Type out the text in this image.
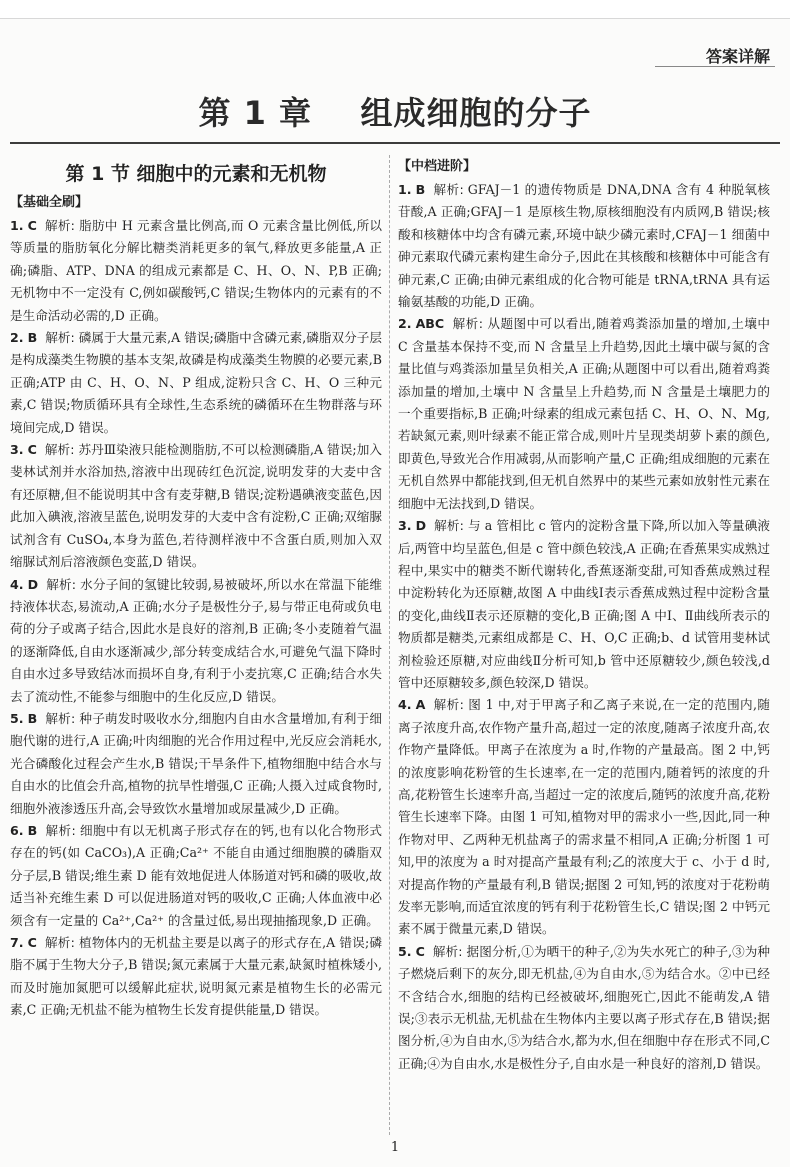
答案详解
第 1 章    组成细胞的分子
第 1 节 细胞中的元素和无机物
【基础全刷】
1. C 解析: 脂肪中 H 元素含量比例高,而 O 元素含量比例低,所以等质量的脂肪氧化分解比糖类消耗更多的氧气,释放更多能量,A 正确;磷脂、ATP、DNA 的组成元素都是 C、H、O、N、P,B 正确;无机物中不一定没有 C,例如碳酸钙,C 错误;生物体内的元素有的不是生命活动必需的,D 正确。
2. B 解析: 磷属于大量元素,A 错误;磷脂中含磷元素,磷脂双分子层是构成藻类生物膜的基本支架,故磷是构成藻类生物膜的必要元素,B 正确;ATP 由 C、H、O、N、P 组成,淀粉只含 C、H、O 三种元素,C 错误;物质循环具有全球性,生态系统的磷循环在生物群落与环境间完成,D 错误。
3. C 解析: 苏丹Ⅲ染液只能检测脂肪,不可以检测磷脂,A 错误;加入斐林试剂并水浴加热,溶液中出现砖红色沉淀,说明发芽的大麦中含有还原糖,但不能说明其中含有麦芽糖,B 错误;淀粉遇碘液变蓝色,因此加入碘液,溶液呈蓝色,说明发芽的大麦中含有淀粉,C 正确;双缩脲试剂含有 CuSO₄,本身为蓝色,若待测样液中不含蛋白质,则加入双缩脲试剂后溶液颜色变蓝,D 错误。
4. D 解析: 水分子间的氢键比较弱,易被破坏,所以水在常温下能维持液体状态,易流动,A 正确;水分子是极性分子,易与带正电荷或负电荷的分子或离子结合,因此水是良好的溶剂,B 正确;冬小麦随着气温的逐渐降低,自由水逐渐减少,部分转变成结合水,可避免气温下降时自由水过多导致结冰而损坏自身,有利于小麦抗寒,C 正确;结合水失去了流动性,不能参与细胞中的生化反应,D 错误。
5. B 解析: 种子萌发时吸收水分,细胞内自由水含量增加,有利于细胞代谢的进行,A 正确;叶肉细胞的光合作用过程中,光反应会消耗水,光合磷酸化过程会产生水,B 错误;干旱条件下,植物细胞中结合水与自由水的比值会升高,植物的抗旱性增强,C 正确;人摄入过咸食物时,细胞外液渗透压升高,会导致饮水量增加或尿量减少,D 正确。
6. B 解析: 细胞中有以无机离子形式存在的钙,也有以化合物形式存在的钙(如 CaCO₃),A 正确;Ca²⁺ 不能自由通过细胞膜的磷脂双分子层,B 错误;维生素 D 能有效地促进人体肠道对钙和磷的吸收,故适当补充维生素 D 可以促进肠道对钙的吸收,C 正确;人体血液中必须含有一定量的 Ca²⁺,Ca²⁺ 的含量过低,易出现抽搐现象,D 正确。
7. C 解析: 植物体内的无机盐主要是以离子的形式存在,A 错误;磷脂不属于生物大分子,B 错误;氮元素属于大量元素,缺氮时植株矮小,而及时施加氮肥可以缓解此症状,说明氮元素是植物生长的必需元素,C 正确;无机盐不能为植物生长发育提供能量,D 错误。
【中档进阶】
1. B 解析: GFAJ－1 的遗传物质是 DNA,DNA 含有 4 种脱氧核苷酸,A 正确;GFAJ－1 是原核生物,原核细胞没有内质网,B 错误;核酸和核糖体中均含有磷元素,环境中缺少磷元素时,CFAJ－1 细菌中砷元素取代磷元素构建生命分子,因此在其核酸和核糖体中可能含有砷元素,C 正确;由砷元素组成的化合物可能是 tRNA,tRNA 具有运输氨基酸的功能,D 正确。
2. ABC 解析: 从题图中可以看出,随着鸡粪添加量的增加,土壤中 C 含量基本保持不变,而 N 含量呈上升趋势,因此土壤中碳与氮的含量比值与鸡粪添加量呈负相关,A 正确;从题图中可以看出,随着鸡粪添加量的增加,土壤中 N 含量呈上升趋势,而 N 含量是土壤肥力的一个重要指标,B 正确;叶绿素的组成元素包括 C、H、O、N、Mg,若缺氮元素,则叶绿素不能正常合成,则叶片呈现类胡萝卜素的颜色,即黄色,导致光合作用减弱,从而影响产量,C 正确;组成细胞的元素在无机自然界中都能找到,但无机自然界中的某些元素如放射性元素在细胞中无法找到,D 错误。
3. D 解析: 与 a 管相比 c 管内的淀粉含量下降,所以加入等量碘液后,两管中均呈蓝色,但是 c 管中颜色较浅,A 正确;在香蕉果实成熟过程中,果实中的糖类不断代谢转化,香蕉逐渐变甜,可知香蕉成熟过程中淀粉转化为还原糖,故图 A 中曲线Ⅰ表示香蕉成熟过程中淀粉含量的变化,曲线Ⅱ表示还原糖的变化,B 正确;图 A 中Ⅰ、Ⅱ曲线所表示的物质都是糖类,元素组成都是 C、H、O,C 正确;b、d 试管用斐林试剂检验还原糖,对应曲线Ⅱ分析可知,b 管中还原糖较少,颜色较浅,d 管中还原糖较多,颜色较深,D 错误。
4. A 解析: 图 1 中,对于甲离子和乙离子来说,在一定的范围内,随离子浓度升高,农作物产量升高,超过一定的浓度,随离子浓度升高,农作物产量降低。甲离子在浓度为 a 时,作物的产量最高。图 2 中,钙的浓度影响花粉管的生长速率,在一定的范围内,随着钙的浓度的升高,花粉管生长速率升高,当超过一定的浓度后,随钙的浓度升高,花粉管生长速率下降。由图 1 可知,植物对甲的需求小一些,因此,同一种作物对甲、乙两种无机盐离子的需求量不相同,A 正确;分析图 1 可知,甲的浓度为 a 时对提高产量最有利;乙的浓度大于 c、小于 d 时,对提高作物的产量最有利,B 错误;据图 2 可知,钙的浓度对于花粉萌发率无影响,而适宜浓度的钙有利于花粉管生长,C 错误;图 2 中钙元素不属于微量元素,D 错误。
5. C 解析: 据图分析,①为晒干的种子,②为失水死亡的种子,③为种子燃烧后剩下的灰分,即无机盐,④为自由水,⑤为结合水。②中已经不含结合水,细胞的结构已经被破坏,细胞死亡,因此不能萌发,A 错误;③表示无机盐,无机盐在生物体内主要以离子形式存在,B 错误;据图分析,④为自由水,⑤为结合水,都为水,但在细胞中存在形式不同,C 正确;④为自由水,水是极性分子,自由水是一种良好的溶剂,D 错误。
1
